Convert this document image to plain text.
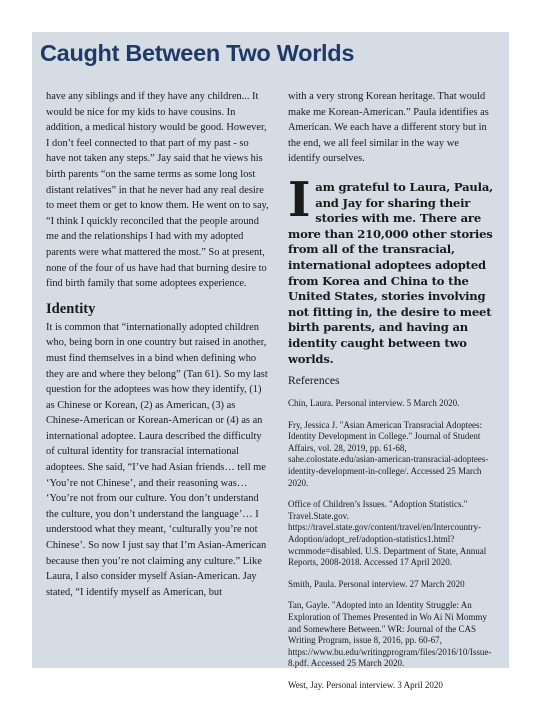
Caught Between Two Worlds

have any siblings and if they have any children... It would be nice for my kids to have cousins. In addition, a medical history would be good. However, I don’t feel connected to that part of my past - so have not taken any steps.” Jay said that he views his birth parents “on the same terms as some long lost distant relatives” in that he never had any real desire to meet them or get to know them. He went on to say, “I think I quickly reconciled that the people around me and the relationships I had with my adopted parents were what mattered the most.” So at present, none of the four of us have had that burning desire to find birth family that some adoptees experience.

Identity

It is common that “internationally adopted children who, being born in one country but raised in another, must find themselves in a bind when defining who they are and where they belong” (Tan 61). So my last question for the adoptees was how they identify, (1) as Chinese or Korean, (2) as American, (3) as Chinese-American or Korean-American or (4) as an international adoptee. Laura described the difficulty of cultural identity for transracial international adoptees. She said, “I’ve had Asian friends… tell me ‘You’re not Chinese’, and their reasoning was… ‘You’re not from our culture. You don’t understand the culture, you don’t understand the language’… I understood what they meant, ‘culturally you’re not Chinese’. So now I just say that I’m Asian-American because then you’re not claiming any culture.” Like Laura, I also consider myself Asian-American. Jay stated, “I identify myself as American, but

with a very strong Korean heritage. That would make me Korean-American.” Paula identifies as American. We each have a different story but in the end, we all feel similar in the way we identify ourselves.

Iam grateful to Laura, Paula, and Jay for sharing their stories with me. There are more than 210,000 other stories from all of the transracial, international adoptees adopted from Korea and China to the United States, stories involving not fitting in, the desire to meet birth parents, and having an identity caught between two worlds.
References
Chin, Laura. Personal interview. 5 March 2020.
Fry, Jessica J. "Asian American Transracial Adoptees: Identity Development in College." Journal of Student Affairs, vol. 28, 2019, pp. 61-68, sahe.colostate.edu/asian-american-transracial-adoptees-identity-development-in-college/. Accessed 25 March 2020.
Office of Children’s Issues. "Adoption Statistics." Travel.State.gov. https://travel.state.gov/content/travel/en/Intercountry-Adoption/adopt_ref/adoption-statistics1.html?wcmmode=disabled. U.S. Department of State, Annual Reports, 2008-2018. Accessed 17 April 2020.
Smith, Paula. Personal interview. 27 March 2020
Tan, Gayle. "Adopted into an Identity Struggle: An Exploration of Themes Presented in Wo Ai Ni Mommy and Somewhere Between." WR: Journal of the CAS Writing Program, issue 8, 2016, pp. 60-67, https://www.bu.edu/writingprogram/files/2016/10/Issue-8.pdf. Accessed 25 March 2020.
West, Jay. Personal interview. 3 April 2020
